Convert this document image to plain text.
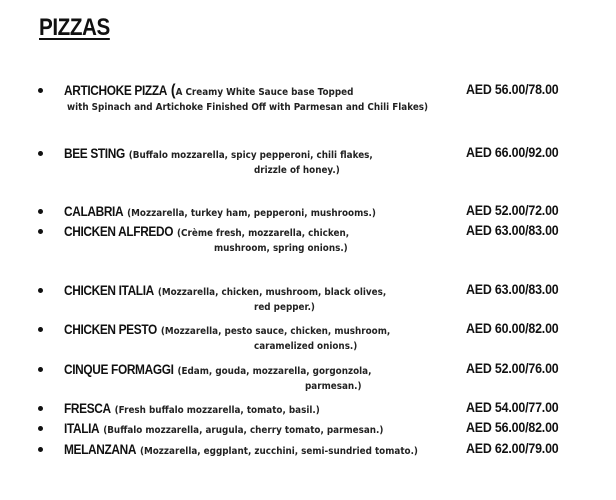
PIZZAS
ARTICHOKE PIZZA (A Creamy White Sauce base Topped
with Spinach and Artichoke Finished Off with Parmesan and Chili Flakes)
AED 56.00/78.00
BEE STING (Buffalo mozzarella, spicy pepperoni, chili flakes,
drizzle of honey.)
AED 66.00/92.00
CALABRIA (Mozzarella, turkey ham, pepperoni, mushrooms.)	AED 52.00/72.00
CHICKEN ALFREDO (Crème fresh, mozzarella, chicken,
mushroom, spring onions.)
AED 63.00/83.00
CHICKEN ITALIA (Mozzarella, chicken, mushroom, black olives,
red pepper.)
AED 63.00/83.00
CHICKEN PESTO (Mozzarella, pesto sauce, chicken, mushroom,
caramelized onions.)
AED 60.00/82.00
CINQUE FORMAGGI (Edam, gouda, mozzarella, gorgonzola,
parmesan.)
AED 52.00/76.00
FRESCA (Fresh buffalo mozzarella, tomato, basil.)	AED 54.00/77.00
ITALIA (Buffalo mozzarella, arugula, cherry tomato, parmesan.)	AED 56.00/82.00
MELANZANA (Mozzarella, eggplant, zucchini, semi-sundried tomato.)	AED 62.00/79.00
